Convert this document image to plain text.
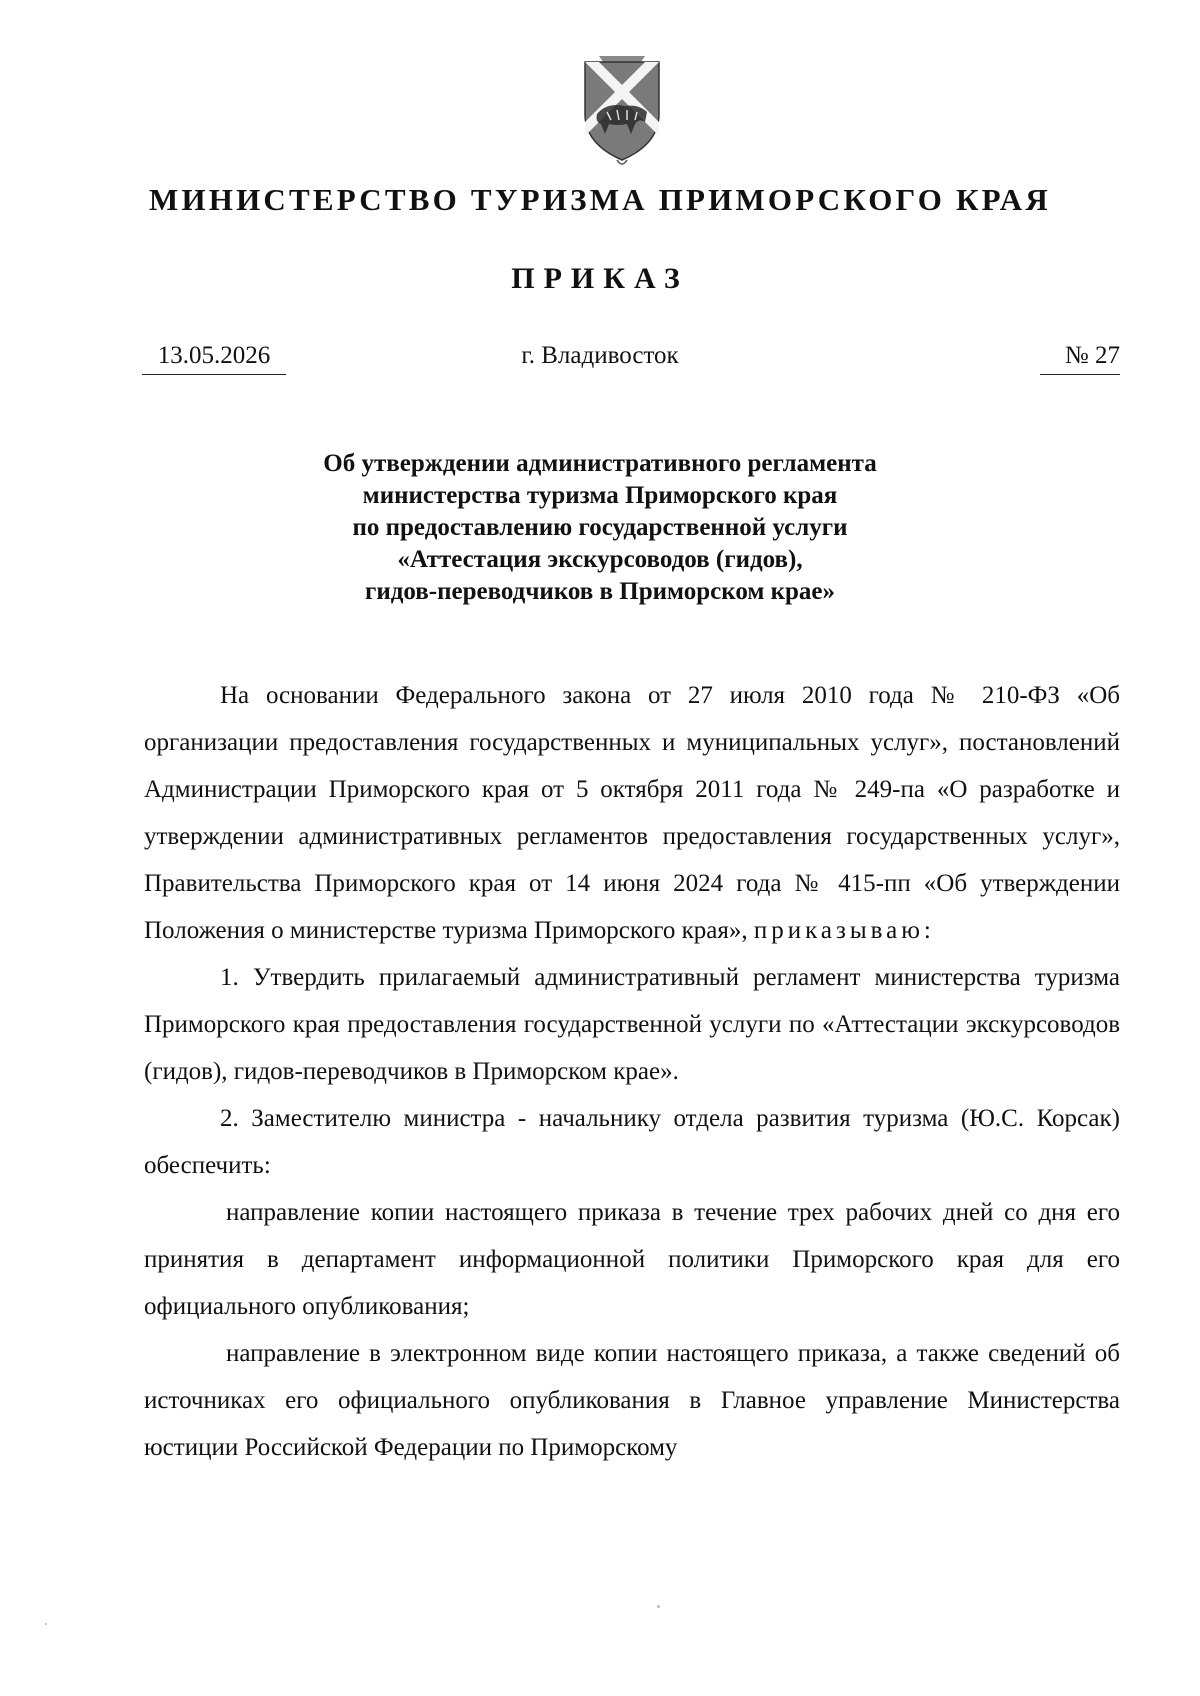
МИНИСТЕРСТВО ТУРИЗМА ПРИМОРСКОГО КРАЯ
ПРИКАЗ
г. Владивосток
13.05.2026	№ 27
Об утверждении административного регламента
министерства туризма Приморского края
по предоставлению государственной услуги
«Аттестация экскурсоводов (гидов),
гидов-переводчиков в Приморском крае»

На основании Федерального закона от 27 июля 2010 года № 210-ФЗ «Об организации предоставления государственных и муниципальных услуг», постановлений Администрации Приморского края от 5 октября 2011 года № 249-па «О разработке и утверждении административных регламентов предоставления государственных услуг», Правительства Приморского края от 14 июня 2024 года № 415-пп «Об утверждении Положения о министерстве туризма Приморского края», приказываю:

1. Утвердить прилагаемый административный регламент министерства туризма Приморского края предоставления государственной услуги по «Аттестации экскурсоводов (гидов), гидов-переводчиков в Приморском крае».

2. Заместителю министра - начальнику отдела развития туризма (Ю.С. Корсак) обеспечить:

направление копии настоящего приказа в течение трех рабочих дней со дня его принятия в департамент информационной политики Приморского края для его официального опубликования;

направление в электронном виде копии настоящего приказа, а также сведений об источниках его официального опубликования в Главное управление Министерства юстиции Российской Федерации по Приморскому
